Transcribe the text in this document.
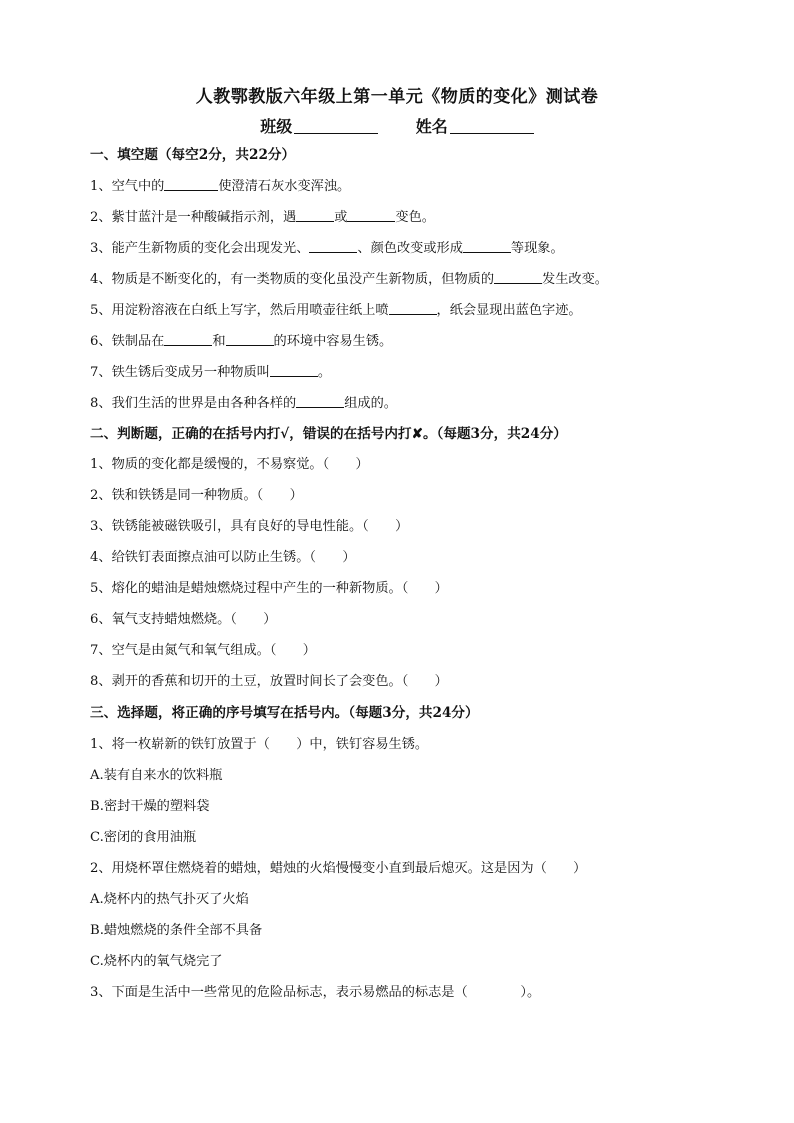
人教鄂教版六年级上第一单元《物质的变化》测试卷
班级	姓名
一、填空题（每空2分，共22分）
1、空气中的	使澄清石灰水变浑浊。
2、紫甘蓝汁是一种酸碱指示剂，遇	或	变色。
3、能产生新物质的变化会出现发光、	、颜色改变或形成	等现象。
4、物质是不断变化的，有一类物质的变化虽没产生新物质，但物质的	发生改变。
5、用淀粉溶液在白纸上写字，然后用喷壶往纸上喷	，纸会显现出蓝色字迹。
6、铁制品在	和	的环境中容易生锈。
7、铁生锈后变成另一种物质叫	。
8、我们生活的世界是由各种各样的	组成的。
二、判断题，正确的在括号内打√，错误的在括号内打✘。（每题3分，共24分）
1、物质的变化都是缓慢的，不易察觉。（　　）
2、铁和铁锈是同一种物质。（　　）
3、铁锈能被磁铁吸引，具有良好的导电性能。（　　）
4、给铁钉表面擦点油可以防止生锈。（　　）
5、熔化的蜡油是蜡烛燃烧过程中产生的一种新物质。（　　）
6、氧气支持蜡烛燃烧。（　　）
7、空气是由氮气和氧气组成。（　　）
8、剥开的香蕉和切开的土豆，放置时间长了会变色。（　　）
三、选择题，将正确的序号填写在括号内。（每题3分，共24分）
1、将一枚崭新的铁钉放置于（　　）中，铁钉容易生锈。
A.装有自来水的饮料瓶
B.密封干燥的塑料袋
C.密闭的食用油瓶
2、用烧杯罩住燃烧着的蜡烛，蜡烛的火焰慢慢变小直到最后熄灭。这是因为（　　）
A.烧杯内的热气扑灭了火焰
B.蜡烛燃烧的条件全部不具备
C.烧杯内的氧气烧完了
3、下面是生活中一些常见的危险品标志，表示易燃品的标志是（　　　　）。
